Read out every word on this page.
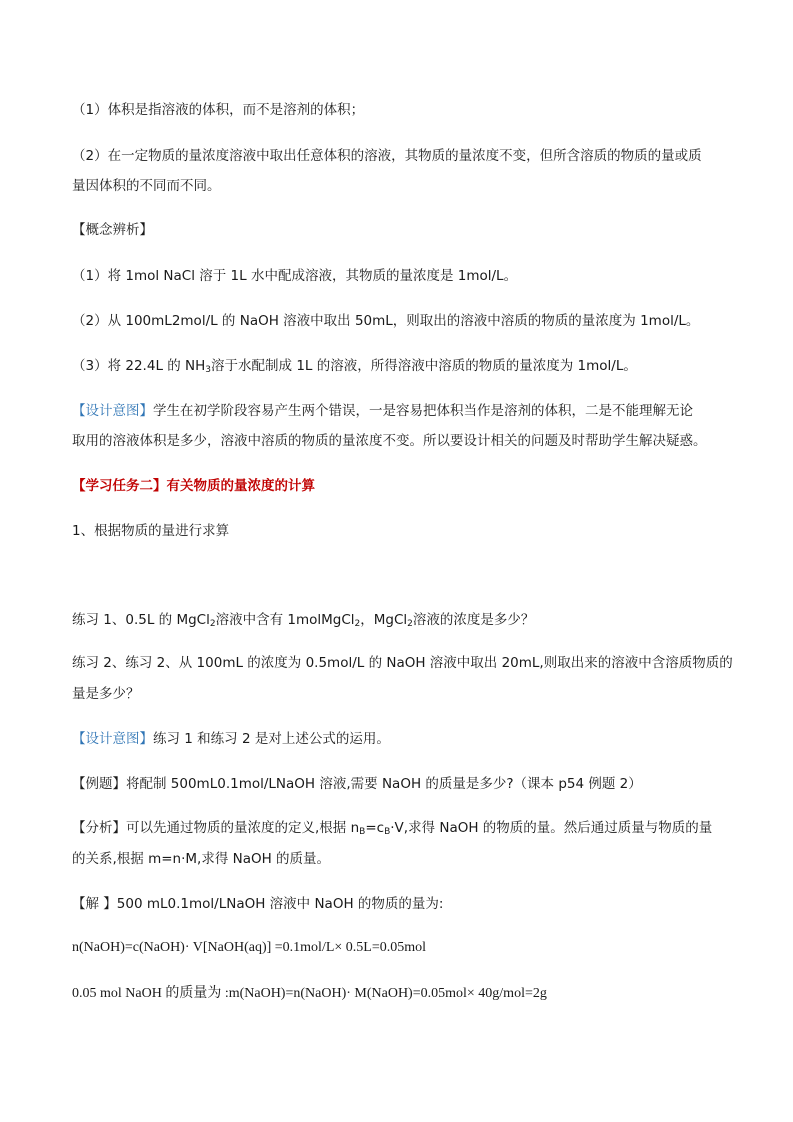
（1）体积是指溶液的体积，而不是溶剂的体积；
（2）在一定物质的量浓度溶液中取出任意体积的溶液，其物质的量浓度不变，但所含溶质的物质的量或质
量因体积的不同而不同。
【概念辨析】
（1）将 1mol NaCl 溶于 1L 水中配成溶液，其物质的量浓度是 1mol/L。
（2）从 100mL2mol/L 的 NaOH 溶液中取出 50mL，则取出的溶液中溶质的物质的量浓度为 1mol/L。
（3）将 22.4L 的 $NH_3$溶于水配制成 1L 的溶液，所得溶液中溶质的物质的量浓度为 1mol/L。
【设计意图】学生在初学阶段容易产生两个错误，一是容易把体积当作是溶剂的体积，二是不能理解无论
取用的溶液体积是多少，溶液中溶质的物质的量浓度不变。所以要设计相关的问题及时帮助学生解决疑惑。
【学习任务二】有关物质的量浓度的计算
1、根据物质的量进行求算
练习 1、0.5L 的 MgCl$_2$溶液中含有 1molMgCl$_2$，MgCl$_2$溶液的浓度是多少？
练习 2、练习 2、从 100mL 的浓度为 0.5mol/L 的 NaOH 溶液中取出 20mL,则取出来的溶液中含溶质物质的
量是多少？
【设计意图】练习 1 和练习 2 是对上述公式的运用。
【例题】将配制 500mL0.1mol/LNaOH 溶液,需要 NaOH 的质量是多少?（课本 p54 例题 2）
【分析】可以先通过物质的量浓度的定义,根据 $n_B=c_B\cdot V$,求得 NaOH 的物质的量。然后通过质量与物质的量
的关系,根据 m=n·M,求得 NaOH 的质量。
【解 】500 mL0.1mol/LNaOH 溶液中 NaOH 的物质的量为:
n(NaOH)=c(NaOH)· V[NaOH(aq)] =0.1mol/L× 0.5L=0.05mol
0.05 mol NaOH 的质量为 :m(NaOH)=n(NaOH)· M(NaOH)=0.05mol× 40g/mol=2g
